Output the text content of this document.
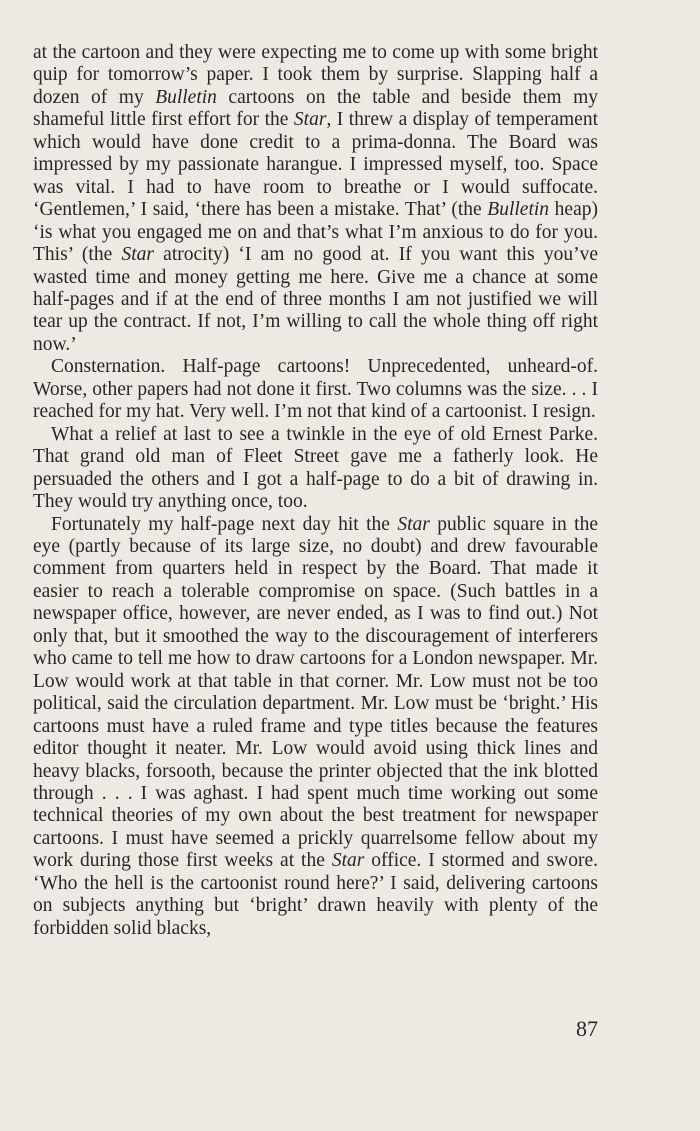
at the cartoon and they were expecting me to come up with some bright quip for tomorrow’s paper. I took them by surprise. Slapping half a dozen of my Bulletin cartoons on the table and beside them my shameful little first effort for the Star, I threw a display of temperament which would have done credit to a prima-donna. The Board was impressed by my passionate harangue. I impressed myself, too. Space was vital. I had to have room to breathe or I would suffocate. ‘Gentlemen,’ I said, ‘there has been a mistake. That’ (the Bulletin heap) ‘is what you engaged me on and that’s what I’m anxious to do for you. This’ (the Star atrocity) ‘I am no good at. If you want this you’ve wasted time and money getting me here. Give me a chance at some half-pages and if at the end of three months I am not justified we will tear up the contract. If not, I’m willing to call the whole thing off right now.’

Consternation. Half-page cartoons! Unprecedented, unheard-of. Worse, other papers had not done it first. Two columns was the size. . . I reached for my hat. Very well. I’m not that kind of a cartoonist. I resign.

What a relief at last to see a twinkle in the eye of old Ernest Parke. That grand old man of Fleet Street gave me a fatherly look. He persuaded the others and I got a half-page to do a bit of drawing in. They would try anything once, too.

Fortunately my half-page next day hit the Star public square in the eye (partly because of its large size, no doubt) and drew favourable comment from quarters held in respect by the Board. That made it easier to reach a tolerable compromise on space. (Such battles in a newspaper office, however, are never ended, as I was to find out.) Not only that, but it smoothed the way to the discouragement of interferers who came to tell me how to draw cartoons for a London newspaper. Mr. Low would work at that table in that corner. Mr. Low must not be too political, said the circulation department. Mr. Low must be ‘bright.’ His cartoons must have a ruled frame and type titles because the features editor thought it neater. Mr. Low would avoid using thick lines and heavy blacks, forsooth, because the printer objected that the ink blotted through . . . I was aghast. I had spent much time working out some technical theories of my own about the best treatment for newspaper cartoons. I must have seemed a prickly quarrelsome fellow about my work during those first weeks at the Star office. I stormed and swore. ‘Who the hell is the cartoonist round here?’ I said, delivering cartoons on subjects anything but ‘bright’ drawn heavily with plenty of the forbidden solid blacks,

87
